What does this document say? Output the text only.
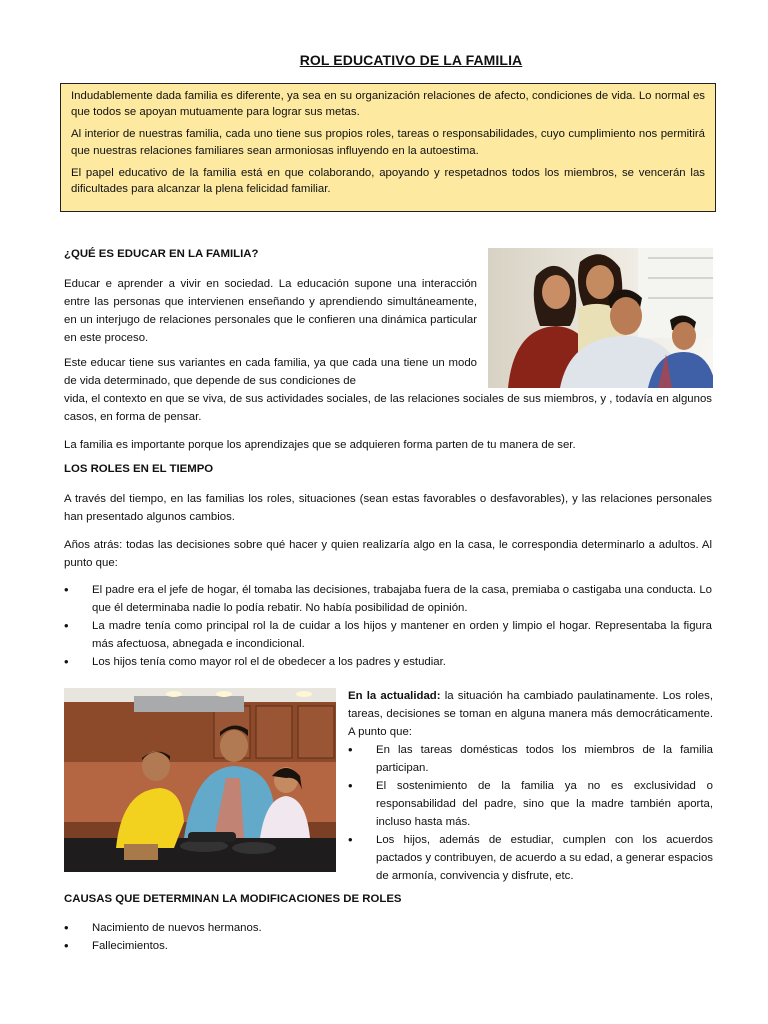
ROL EDUCATIVO DE LA FAMILIA

Indudablemente dada familia es diferente, ya sea en su organización relaciones de afecto, condiciones de vida. Lo normal es que todos se apoyan mutuamente para lograr sus metas.

Al interior de nuestras familia, cada uno tiene sus propios roles, tareas o responsabilidades, cuyo cumplimiento nos permitirá que nuestras relaciones familiares sean armoniosas influyendo en la autoestima.

El papel educativo de la familia está en que colaborando, apoyando y respetadnos todos los miembros, se vencerán las dificultades para alcanzar la plena felicidad familiar.

¿QUÉ ES EDUCAR EN LA FAMILIA?

Educar e aprender a vivir en sociedad. La educación supone una interacción entre las personas que intervienen enseñando y aprendiendo simultáneamente, en un interjugo de relaciones personales que le confieren una dinámica particular en este proceso.

Este educar tiene sus variantes en cada familia, ya que cada una tiene un modo de vida determinado, que depende de sus condiciones de

vida, el contexto en que se viva, de sus actividades sociales, de las relaciones sociales de sus miembros, y , todavía en algunos casos, en forma de pensar.

La familia es importante porque los aprendizajes que se adquieren forma parten de tu manera de ser.

LOS ROLES EN EL TIEMPO

A través del tiempo, en las familias los roles, situaciones (sean estas favorables o desfavorables), y las relaciones personales han presentado algunos cambios.

Años atrás: todas las decisiones sobre qué hacer y quien realizaría algo en la casa, le correspondia determinarlo a adultos. Al punto que:

• El padre era el jefe de hogar, él tomaba las decisiones, trabajaba fuera de la casa, premiaba o castigaba una conducta. Lo que él determinaba nadie lo podía rebatir. No había posibilidad de opinión.
• La madre tenía como principal rol la de cuidar a los hijos y mantener en orden y limpio el hogar. Representaba la figura más afectuosa, abnegada e incondicional.
• Los hijos tenía como mayor rol el de obedecer a los padres y estudiar.

En la actualidad: la situación ha cambiado paulatinamente. Los roles, tareas, decisiones se toman en alguna manera más democráticamente. A punto que:

• En las tareas domésticas todos los miembros de la familia participan.
• El sostenimiento de la familia ya no es exclusividad o responsabilidad del padre, sino que la madre también aporta, incluso hasta más.
• Los hijos, además de estudiar, cumplen con los acuerdos pactados y contribuyen, de acuerdo a su edad, a generar espacios de armonía, convivencia y disfrute, etc.

CAUSAS QUE DETERMINAN LA MODIFICACIONES DE ROLES

• Nacimiento de nuevos hermanos.
• Fallecimientos.
